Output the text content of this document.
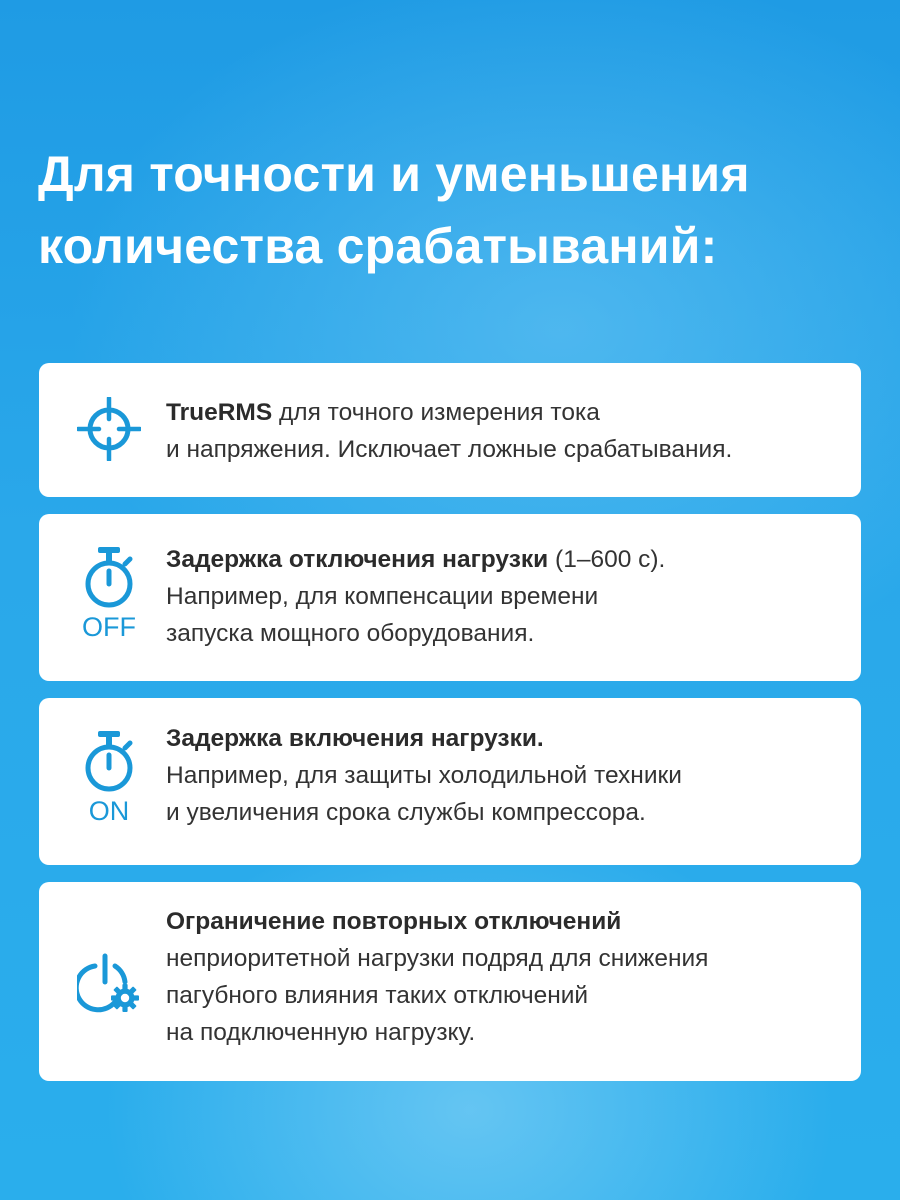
Для точности и уменьшения
количества срабатываний:

TrueRMS для точного измерения тока

и напряжения. Исключает ложные срабатывания.

OFF

Задержка отключения нагрузки (1–600 с).

Например, для компенсации времени

запуска мощного оборудования.

ON

Задержка включения нагрузки.

Например, для защиты холодильной техники

и увеличения срока службы компрессора.

Ограничение повторных отключений

неприоритетной нагрузки подряд для снижения

пагубного влияния таких отключений

на подключенную нагрузку.
